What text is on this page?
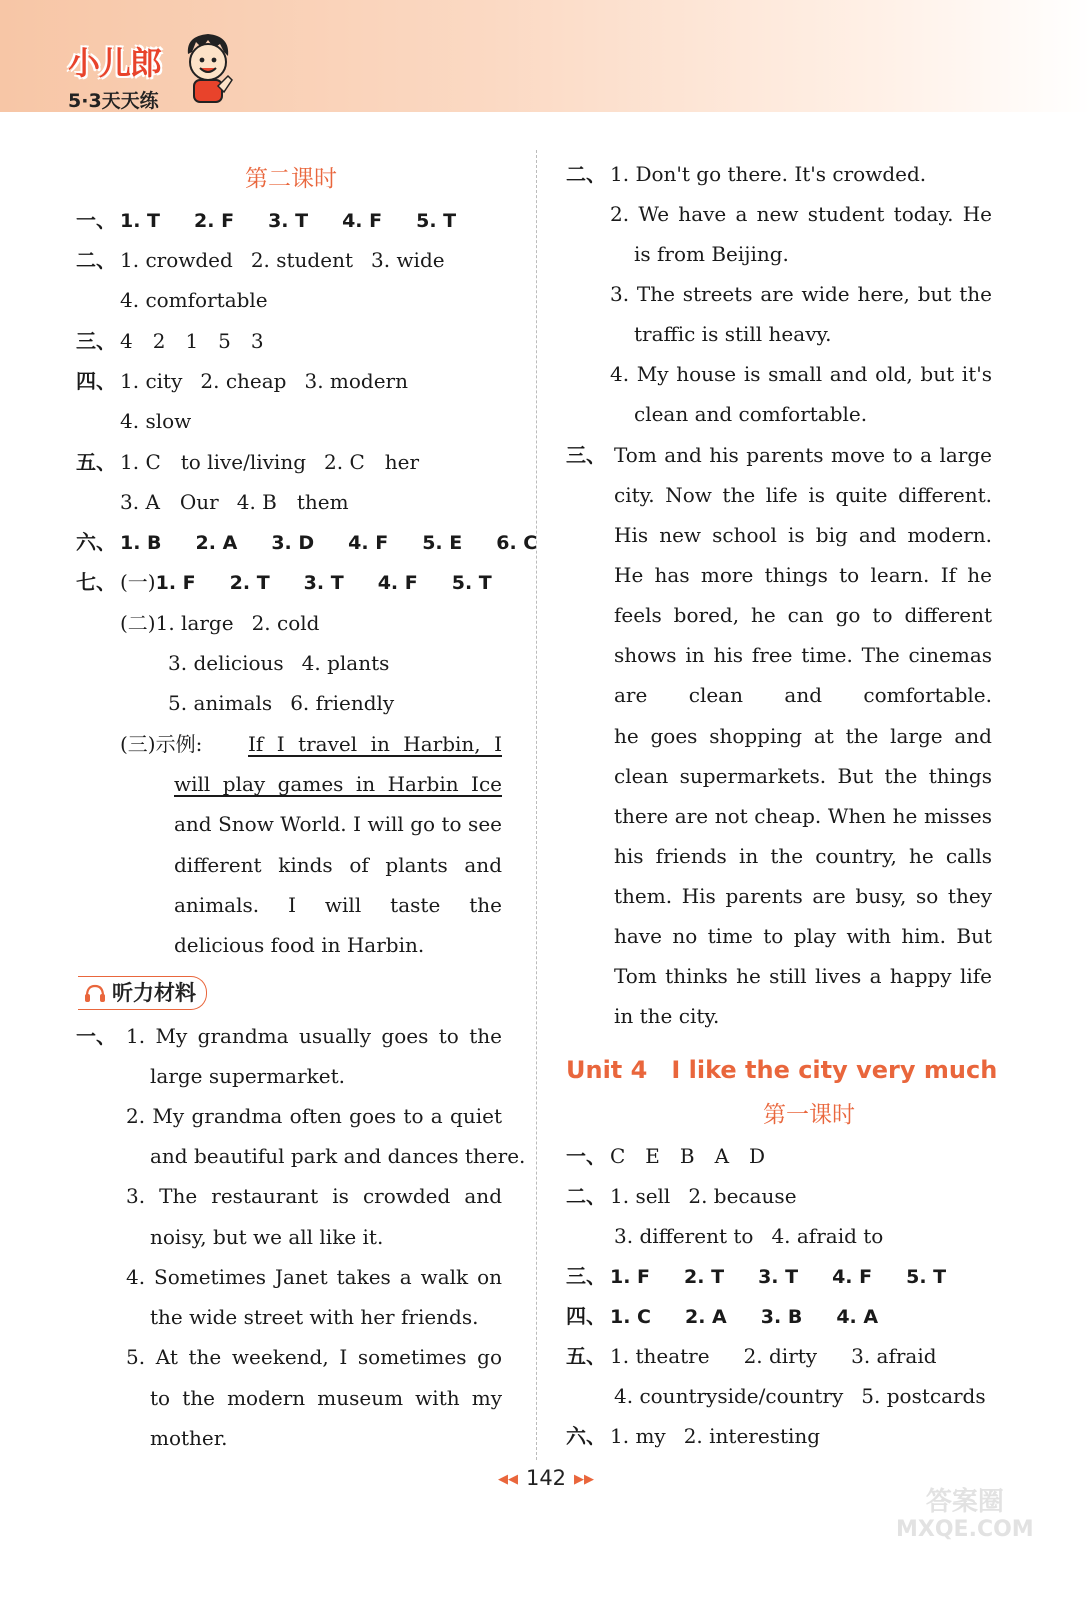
小儿郎
5·3天天练
第二课时
一、 1. T 2. F 3. T 4. F 5. T
二、 1. crowded 2. student 3. wide
4. comfortable
三、 4　2　1　5　3
四、 1. city 2. cheap 3. modern
4. slow
五、 1. C　to live/living 2. C　her
3. A　Our 4. B　them
六、 1. B 2. A 3. D 4. F 5. E 6. C
七、 (一)1. F 2. T 3. T 4. F 5. T
(二)1. large 2. cold
3. delicious 4. plants
5. animals 6. friendly
(三)示例:	If I travel in Harbin, I
will play games in Harbin Ice
and Snow World. I will go to see
different kinds of plants and
animals. I will taste the
delicious food in Harbin.
听力材料
一、 1. My grandma usually goes to the
large supermarket.
2. My grandma often goes to a quiet
and beautiful park and dances there.
3. The restaurant is crowded and
noisy, but we all like it.
4. Sometimes Janet takes a walk on
the wide street with her friends.
5. At the weekend, I sometimes go
to the modern museum with my
mother.
二、 1. Don't go there. It's crowded.
2. We have a new student today. He
is from Beijing.
3. The streets are wide here, but the
traffic is still heavy.
4. My house is small and old, but it's
clean and comfortable.
三、 Tom and his parents move to a large
city. Now the life is quite different.
His new school is big and modern.
He has more things to learn. If he
feels bored, he can go to different
shows in his free time. The cinemas
are clean and comfortable.
he goes shopping at the large and
clean supermarkets. But the things
there are not cheap. When he misses
his friends in the country, he calls
them. His parents are busy, so they
have no time to play with him. But
Tom thinks he still lives a happy life
in the city.
Unit 4　I like the city very much
第一课时
一、 C　E　B　A　D
二、 1. sell 2. because
3. different to 4. afraid to
三、 1. F 2. T 3. T 4. F 5. T
四、 1. C 2. A 3. B 4. A
五、 1. theatre 2. dirty 3. afraid
4. countryside/country 5. postcards
六、 1. my 2. interesting
◀◀ 142 ▶▶
答案圈
MXQE.COM
